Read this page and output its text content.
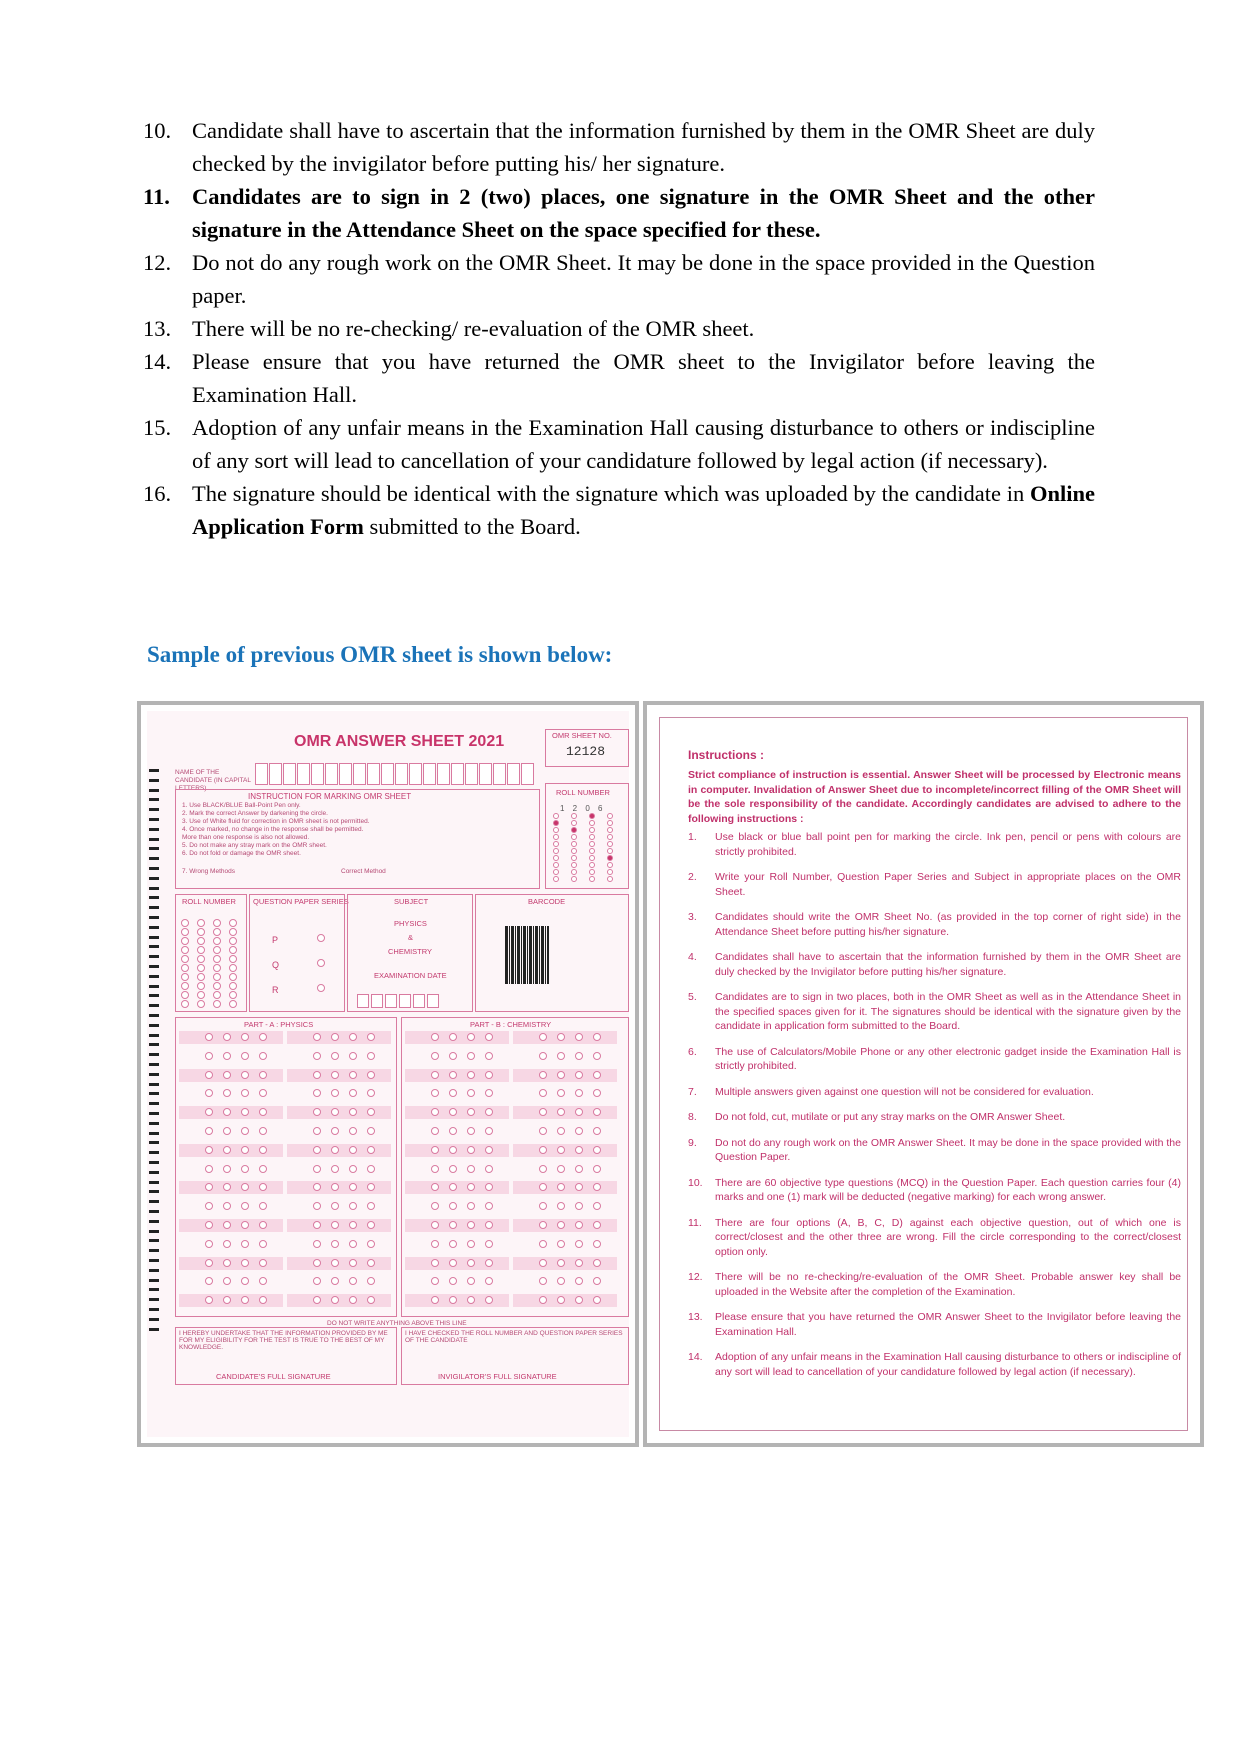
10. Candidate shall have to ascertain that the information furnished by them in the OMR Sheet are duly checked by the invigilator before putting his/ her signature.
11. Candidates are to sign in 2 (two) places, one signature in the OMR Sheet and the other signature in the Attendance Sheet on the space specified for these.
12. Do not do any rough work on the OMR Sheet. It may be done in the space provided in the Question paper.
13. There will be no re-checking/ re-evaluation of the OMR sheet.
14. Please ensure that you have returned the OMR sheet to the Invigilator before leaving the Examination Hall.
15. Adoption of any unfair means in the Examination Hall causing disturbance to others or indiscipline of any sort will lead to cancellation of your candidature followed by legal action (if necessary).
16. The signature should be identical with the signature which was uploaded by the candidate in Online Application Form submitted to the Board.
Sample of previous OMR sheet is shown below:
OMR ANSWER SHEET 2021	OMR SHEET NO.
12128
NAME OF THE CANDIDATE (IN CAPITAL LETTERS)	ROLL NUMBER
1 2 0 6
INSTRUCTION FOR MARKING OMR SHEET
1. Use BLACK/BLUE Ball-Point Pen only.
2. Mark the correct Answer by darkening the circle.
3. Use of White fluid for correction in OMR sheet is not permitted.
4. Once marked, no change in the response shall be permitted.
More than one response is also not allowed.
5. Do not make any stray mark on the OMR sheet.
6. Do not fold or damage the OMR sheet.
7. Wrong Methods	Correct Method
ROLL NUMBER QUESTION PAPER SERIES
P
Q
R
SUBJECT
PHYSICS
&
CHEMISTRY
EXAMINATION DATE
BARCODE
PART - A : PHYSICS	PART - B : CHEMISTRY
DO NOT WRITE ANYTHING ABOVE THIS LINE
I HEREBY UNDERTAKE THAT THE INFORMATION PROVIDED BY ME FOR MY ELIGIBILITY FOR THE TEST IS TRUE TO THE BEST OF MY KNOWLEDGE.
CANDIDATE'S FULL SIGNATURE
I HAVE CHECKED THE ROLL NUMBER AND QUESTION PAPER SERIES OF THE CANDIDATE
INVIGILATOR'S FULL SIGNATURE
Instructions :
Strict compliance of instruction is essential. Answer Sheet will be processed by Electronic means in computer. Invalidation of Answer Sheet due to incomplete/incorrect filling of the OMR Sheet will be the sole responsibility of the candidate. Accordingly candidates are advised to adhere to the following instructions :
1.	Use black or blue ball point pen for marking the circle. Ink pen, pencil or pens with colours are strictly prohibited.
2.	Write your Roll Number, Question Paper Series and Subject in appropriate places on the OMR Sheet.
3.	Candidates should write the OMR Sheet No. (as provided in the top corner of right side) in the Attendance Sheet before putting his/her signature.
4.	Candidates shall have to ascertain that the information furnished by them in the OMR Sheet are duly checked by the Invigilator before putting his/her signature.
5.	Candidates are to sign in two places, both in the OMR Sheet as well as in the Attendance Sheet in the specified spaces given for it. The signatures should be identical with the signature given by the candidate in application form submitted to the Board.
6.	The use of Calculators/Mobile Phone or any other electronic gadget inside the Examination Hall is strictly prohibited.
7.	Multiple answers given against one question will not be considered for evaluation.
8.	Do not fold, cut, mutilate or put any stray marks on the OMR Answer Sheet.
9.	Do not do any rough work on the OMR Answer Sheet. It may be done in the space provided with the Question Paper.
10.	There are 60 objective type questions (MCQ) in the Question Paper. Each question carries four (4) marks and one (1) mark will be deducted (negative marking) for each wrong answer.
11.	There are four options (A, B, C, D) against each objective question, out of which one is correct/closest and the other three are wrong. Fill the circle corresponding to the correct/closest option only.
12.	There will be no re-checking/re-evaluation of the OMR Sheet. Probable answer key shall be uploaded in the Website after the completion of the Examination.
13.	Please ensure that you have returned the OMR Answer Sheet to the Invigilator before leaving the Examination Hall.
14.	Adoption of any unfair means in the Examination Hall causing disturbance to others or indiscipline of any sort will lead to cancellation of your candidature followed by legal action (if necessary).
